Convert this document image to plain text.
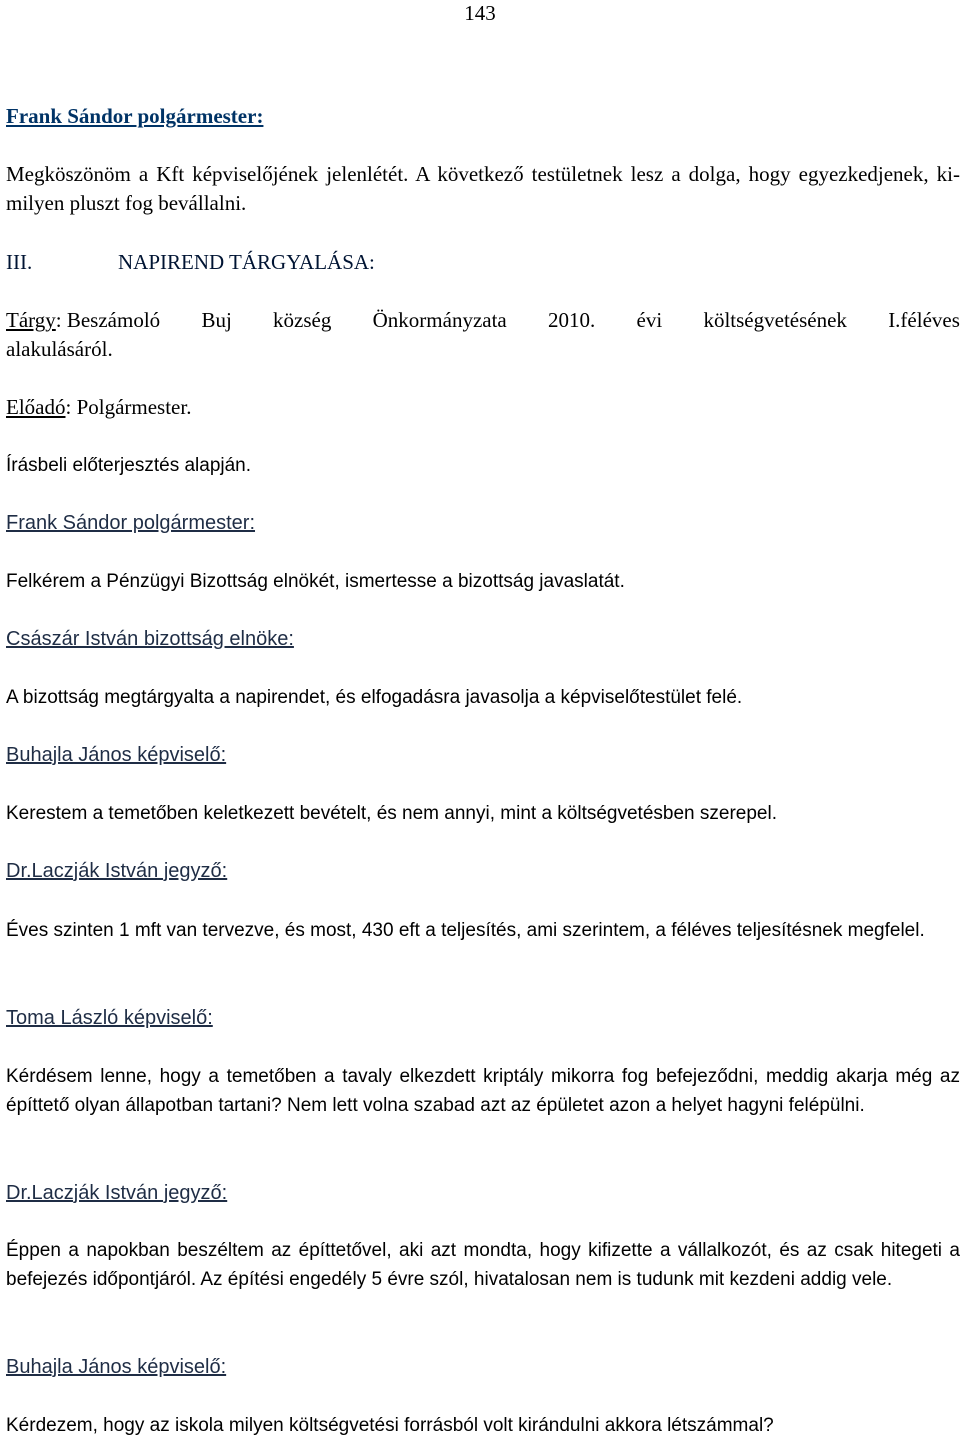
143
Frank Sándor polgármester:

Megköszönöm a Kft képviselőjének jelenlétét. A következő testületnek lesz a dolga, hogy egyezkedjenek, ki-milyen pluszt fog bevállalni.

III.	NAPIREND TÁRGYALÁSA:
Tárgy: Beszámoló Buj község Önkormányzata 2010. évi költségvetésének I.féléves
alakulásáról.
Előadó: Polgármester.
Írásbeli előterjesztés alapján.
Frank Sándor polgármester:

Felkérem a Pénzügyi Bizottság elnökét, ismertesse a bizottság javaslatát.

Császár István bizottság elnöke:

A bizottság megtárgyalta a napirendet, és elfogadásra javasolja a képviselőtestület felé.

Buhajla János képviselő:

Kerestem a temetőben keletkezett bevételt, és nem annyi, mint a költségvetésben szerepel.

Dr.Laczják István jegyző:

Éves szinten 1 mft van tervezve, és most, 430 eft a teljesítés, ami szerintem, a féléves teljesítésnek megfelel.

Toma László képviselő:

Kérdésem lenne, hogy a temetőben a tavaly elkezdett kriptály mikorra fog befejeződni, meddig akarja még az építtető olyan állapotban tartani? Nem lett volna szabad azt az épületet azon a helyet hagyni felépülni.

Dr.Laczják István jegyző:

Éppen a napokban beszéltem az építtetővel, aki azt mondta, hogy kifizette a vállalkozót, és az csak hitegeti a befejezés időpontjáról. Az építési engedély 5 évre szól, hivatalosan nem is tudunk mit kezdeni addig vele.

Buhajla János képviselő:

Kérdezem, hogy az iskola milyen költségvetési forrásból volt kirándulni akkora létszámmal?
